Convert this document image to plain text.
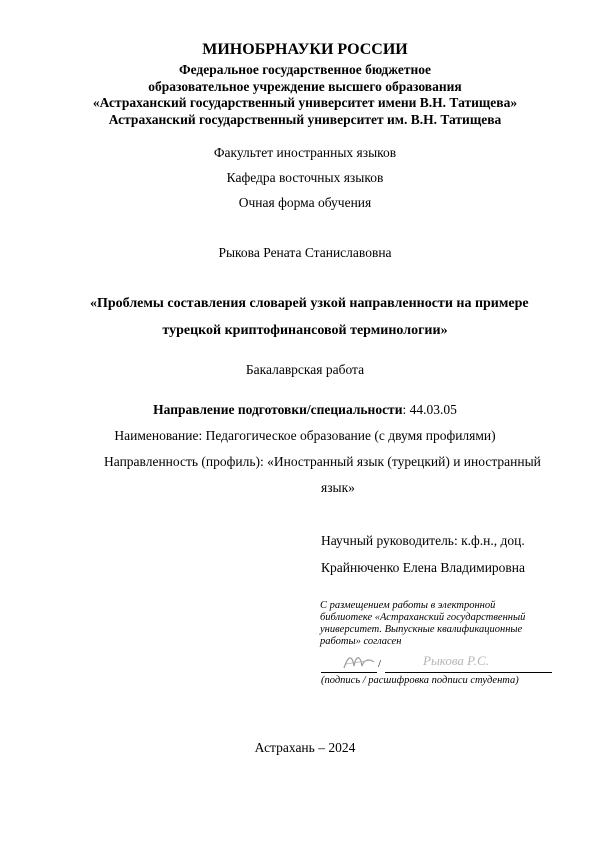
МИНОБРНАУКИ РОССИИ
Федеральное государственное бюджетное
образовательное учреждение высшего образования
«Астраханский государственный университет имени В.Н. Татищева»
Астраханский государственный университет им. В.Н. Татищева
Факультет иностранных языков
Кафедра восточных языков
Очная форма обучения
Рыкова Рената Станиславовна
«Проблемы составления словарей узкой направленности на примере
турецкой криптофинансовой терминологии»
Бакалаврская работа
Направление подготовки/специальности: 44.03.05
Наименование: Педагогическое образование (с двумя профилями)
Направленность (профиль): «Иностранный язык (турецкий) и иностранный
язык»
Научный руководитель: к.ф.н., доц.
Крайнюченко Елена Владимировна
С размещением работы в электронной
библиотеке «Астраханский государственный
университет. Выпускные квалификационные
работы» согласен
/	Рыкова Р.С.
(подпись / расшифровка подписи студента)
Астрахань – 2024
